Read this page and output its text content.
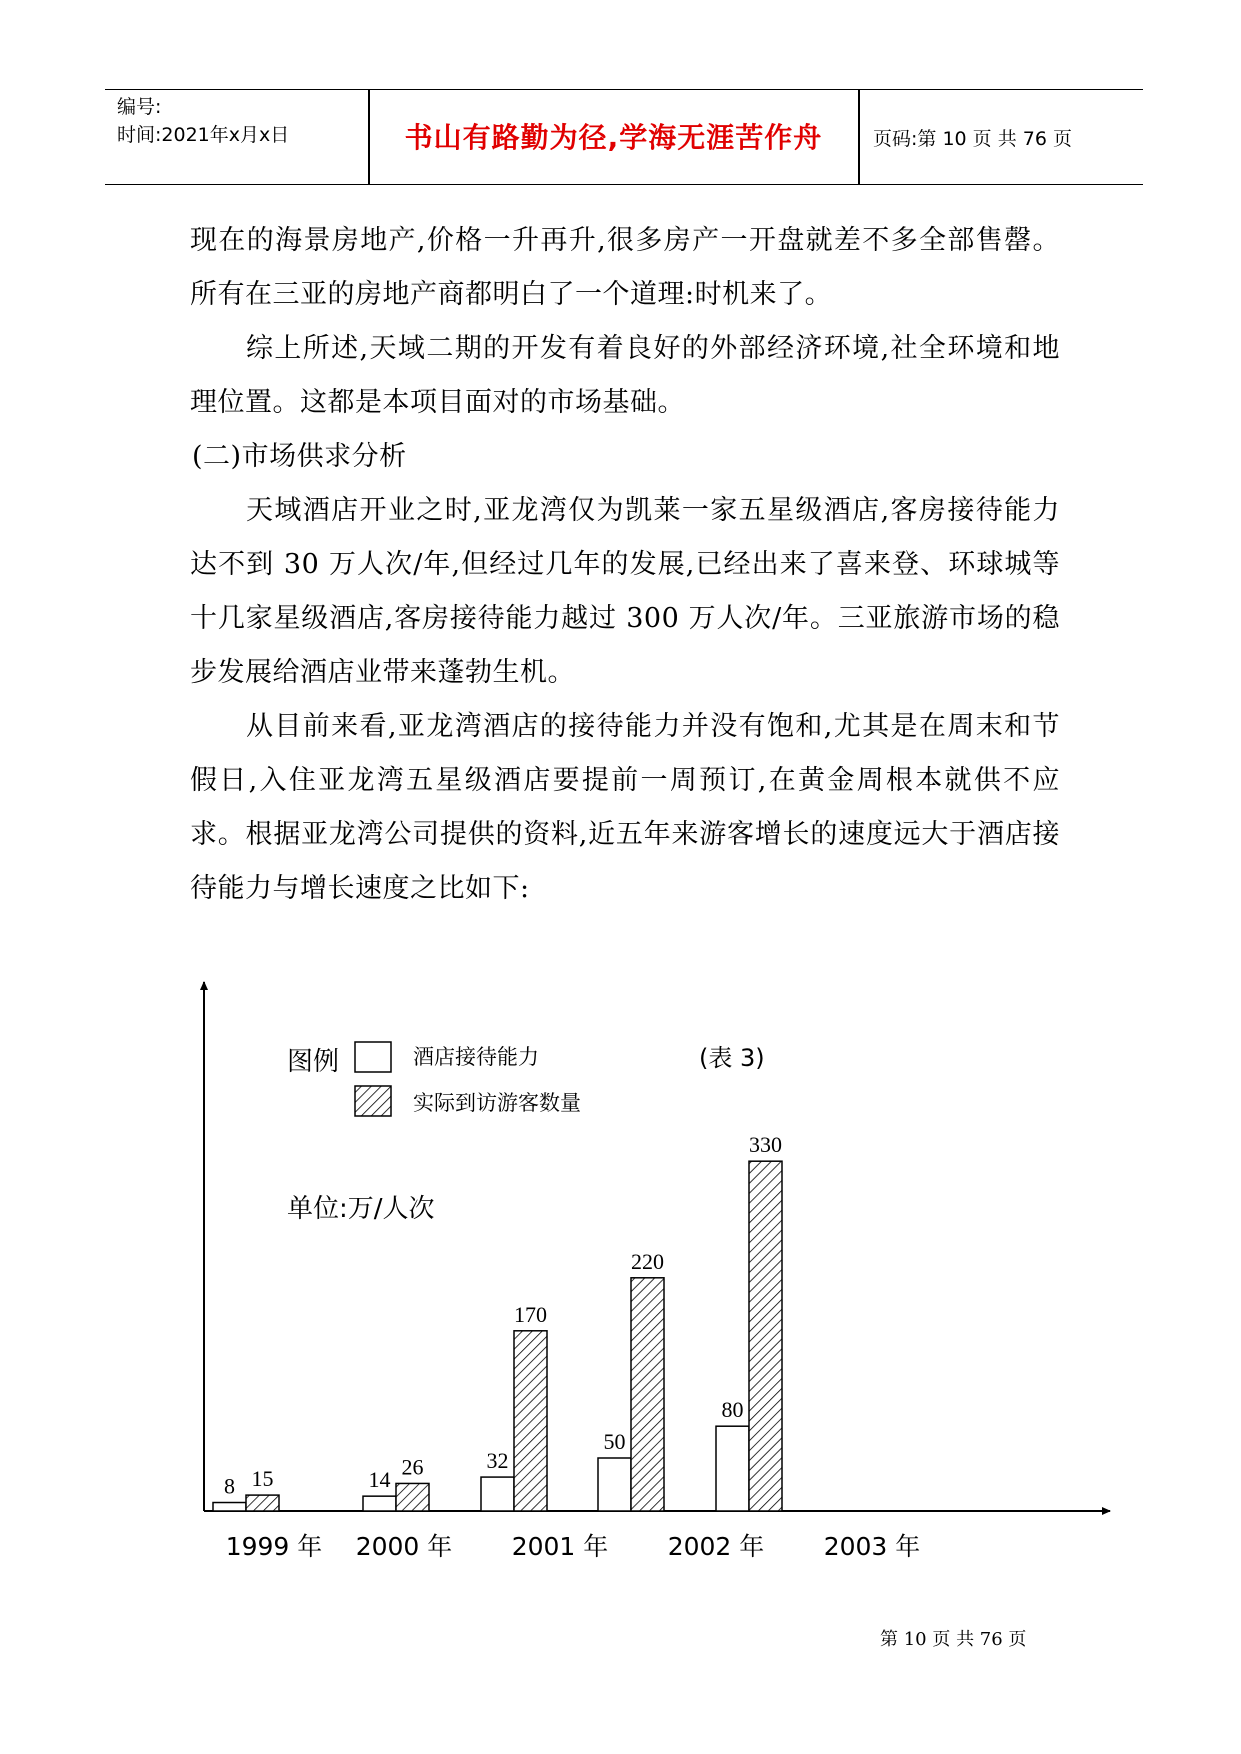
编号:
时间:2021年x月x日	书山有路勤为径,学海无涯苦作舟	页码:第 10 页 共 76 页

现在的海景房地产,价格一升再升,很多房产一开盘就差不多全部售罄。所有在三亚的房地产商都明白了一个道理:时机来了。

综上所述,天域二期的开发有着良好的外部经济环境,社全环境和地理位置。这都是本项目面对的市场基础。

(二)市场供求分析

天域酒店开业之时,亚龙湾仅为凯莱一家五星级酒店,客房接待能力达不到 30 万人次/年,但经过几年的发展,已经出来了喜来登、环球城等十几家星级酒店,客房接待能力越过 300 万人次/年。三亚旅游市场的稳步发展给酒店业带来蓬勃生机。

从目前来看,亚龙湾酒店的接待能力并没有饱和,尤其是在周末和节假日,入住亚龙湾五星级酒店要提前一周预订,在黄金周根本就供不应求。根据亚龙湾公司提供的资料,近五年来游客增长的速度远大于酒店接待能力与增长速度之比如下:

图例	酒店接待能力
实际到访游客数量
(表 3)
单位:万/人次
8	14
32
50
80
15	26
170
220
330
1999 年 2000 年 2001 年 2002 年 2003 年
第 10 页 共 76 页
